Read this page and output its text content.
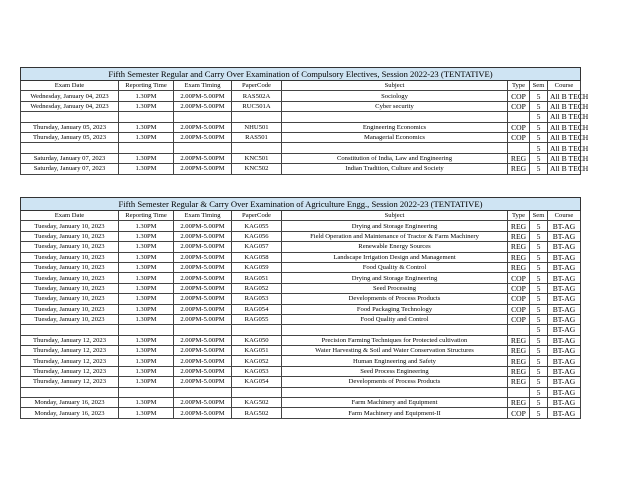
Fifth Semester Regular and Carry Over Examination of Compulsory Electives, Session 2022-23 (TENTATIVE)							
Exam Date	Reporting Time	Exam Timing	PaperCode	Subject	Type	Sem	Course
Wednesday, January 04, 2023	1.30PM	2.00PM-5.00PM	RAS502A	Sociology	COP	5	All B TECH
Wednesday, January 04, 2023	1.30PM	2.00PM-5.00PM	RUC501A	Cyber security	COP	5	All B TECH
						5	All B TECH
Thursday, January 05, 2023	1.30PM	2.00PM-5.00PM	NHU501	Engineering Economics	COP	5	All B TECH
Thursday, January 05, 2023	1.30PM	2.00PM-5.00PM	RAS501	Managerial Economics	COP	5	All B TECH
						5	All B TECH
Saturday, January 07, 2023	1.30PM	2.00PM-5.00PM	KNC501	Constitution of India, Law and Engineering	REG	5	All B TECH
Saturday, January 07, 2023	1.30PM	2.00PM-5.00PM	KNC502	Indian Tradition, Culture and Society	REG	5	All B TECH
Fifth Semester Regular & Carry Over Examination of Agriculture Engg., Session 2022-23 (TENTATIVE)							
Exam Date	Reporting Time	Exam Timing	PaperCode	Subject	Type	Sem	Course
Tuesday, January 10, 2023	1.30PM	2.00PM-5.00PM	KAG055	Drying and Storage Engineering	REG	5	BT-AG
Tuesday, January 10, 2023	1.30PM	2.00PM-5.00PM	KAG056	Field Operation and Maintenance of Tractor & Farm Machinery	REG	5	BT-AG
Tuesday, January 10, 2023	1.30PM	2.00PM-5.00PM	KAG057	Renewable Energy Sources	REG	5	BT-AG
Tuesday, January 10, 2023	1.30PM	2.00PM-5.00PM	KAG058	Landscape Irrigation Design and Management	REG	5	BT-AG
Tuesday, January 10, 2023	1.30PM	2.00PM-5.00PM	KAG059	Food Quality & Control	REG	5	BT-AG
Tuesday, January 10, 2023	1.30PM	2.00PM-5.00PM	RAG051	Drying and Storage Engineering	COP	5	BT-AG
Tuesday, January 10, 2023	1.30PM	2.00PM-5.00PM	RAG052	Seed Processing	COP	5	BT-AG
Tuesday, January 10, 2023	1.30PM	2.00PM-5.00PM	RAG053	Developments of Process Products	COP	5	BT-AG
Tuesday, January 10, 2023	1.30PM	2.00PM-5.00PM	RAG054	Food Packaging Technology	COP	5	BT-AG
Tuesday, January 10, 2023	1.30PM	2.00PM-5.00PM	RAG055	Food Quality and Control	COP	5	BT-AG
						5	BT-AG
Thursday, January 12, 2023	1.30PM	2.00PM-5.00PM	KAG050	Precision Farming Techniques for Protected cultivation	REG	5	BT-AG
Thursday, January 12, 2023	1.30PM	2.00PM-5.00PM	KAG051	Water Harvesting & Soil and Water Conservation Structures	REG	5	BT-AG
Thursday, January 12, 2023	1.30PM	2.00PM-5.00PM	KAG052	Human Engineering and Safety	REG	5	BT-AG
Thursday, January 12, 2023	1.30PM	2.00PM-5.00PM	KAG053	Seed Process Engineering	REG	5	BT-AG
Thursday, January 12, 2023	1.30PM	2.00PM-5.00PM	KAG054	Developments of Process Products	REG	5	BT-AG
						5	BT-AG
Monday, January 16, 2023	1.30PM	2.00PM-5.00PM	KAG502	Farm Machinery and Equipment	REG	5	BT-AG
Monday, January 16, 2023	1.30PM	2.00PM-5.00PM	RAG502	Farm Machinery and Equipment-II	COP	5	BT-AG
